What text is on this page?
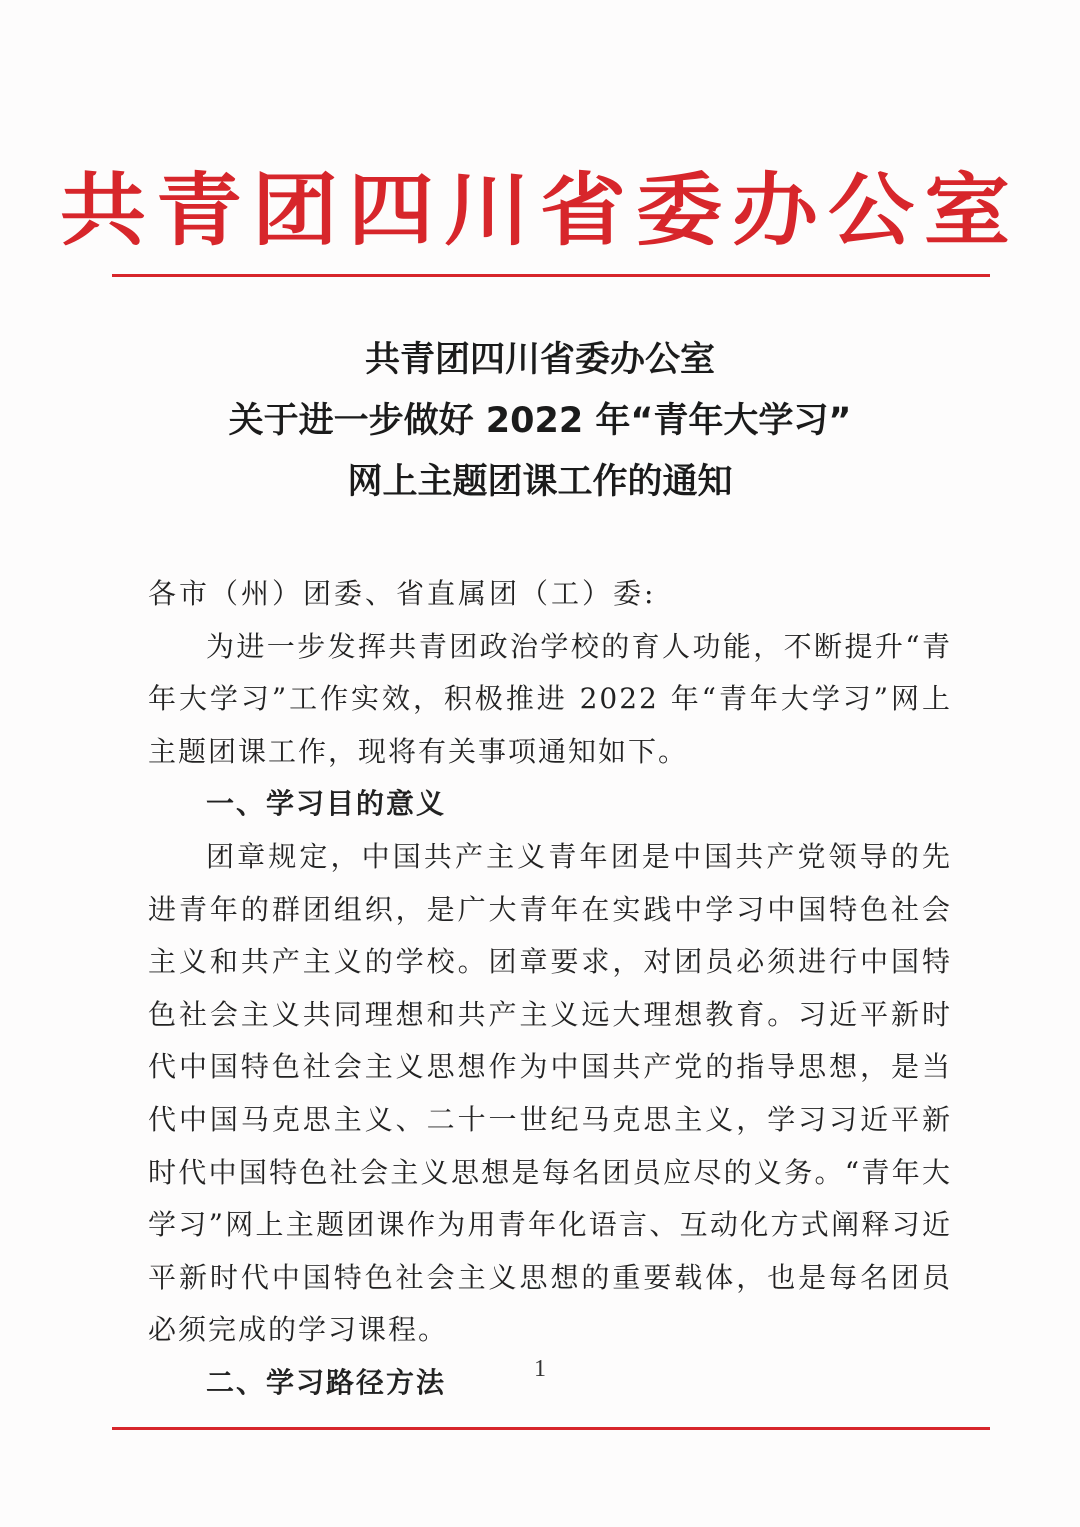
共青团四川省委办公室
共青团四川省委办公室
关于进一步做好 2022 年“青年大学习”
网上主题团课工作的通知

各市（州）团委、省直属团（工）委:

为进一步发挥共青团政治学校的育人功能，不断提升“青年大学习”工作实效，积极推进 2022 年“青年大学习”网上主题团课工作，现将有关事项通知如下。

一、学习目的意义

团章规定，中国共产主义青年团是中国共产党领导的先进青年的群团组织，是广大青年在实践中学习中国特色社会主义和共产主义的学校。团章要求，对团员必须进行中国特色社会主义共同理想和共产主义远大理想教育。习近平新时代中国特色社会主义思想作为中国共产党的指导思想，是当代中国马克思主义、二十一世纪马克思主义，学习习近平新时代中国特色社会主义思想是每名团员应尽的义务。“青年大学习”网上主题团课作为用青年化语言、互动化方式阐释习近平新时代中国特色社会主义思想的重要载体，也是每名团员必须完成的学习课程。

二、学习路径方法	1
